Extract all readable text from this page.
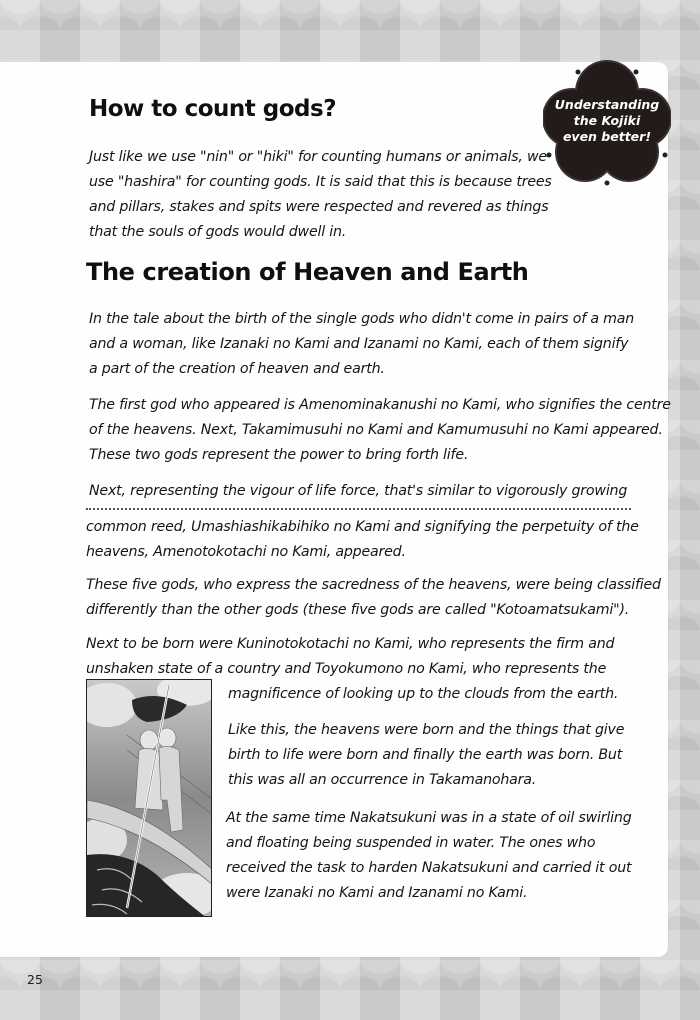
Understanding
the Kojiki
even better!
How to count gods?
Just like we use "nin" or "hiki" for counting humans or animals, we
use "hashira" for counting gods. It is said that this is because trees
and pillars, stakes and spits were respected and revered as things
that the souls of gods would dwell in.
The creation of Heaven and Earth
In the tale about the birth of the single gods who didn't come in pairs of a man
and a woman, like Izanaki no Kami and Izanami no Kami, each of them signify
a part of the creation of heaven and earth.
The first god who appeared is Amenominakanushi no Kami, who signifies the centre
of the heavens. Next, Takamimusuhi no Kami and Kamumusuhi no Kami appeared.
These two gods represent the power to bring forth life.
Next, representing the vigour of life force, that's similar to vigorously growing
common reed, Umashiashikabihiko no Kami and signifying the perpetuity of the
heavens, Amenotokotachi no Kami, appeared.
These five gods, who express the sacredness of the heavens, were being classified
differently than the other gods (these five gods are called "Kotoamatsukami").
Next to be born were Kuninotokotachi no Kami, who represents the firm and
unshaken state of a country and Toyokumono no Kami, who represents the
magnificence of looking up to the clouds from the earth.
Like this, the heavens were born and the things that give
birth to life were born and finally the earth was born. But
this was all an occurrence in Takamanohara.
At the same time Nakatsukuni was in a state of oil swirling
and floating being suspended in water. The ones who
received the task to harden Nakatsukuni and carried it out
were Izanaki no Kami and Izanami no Kami.
25
